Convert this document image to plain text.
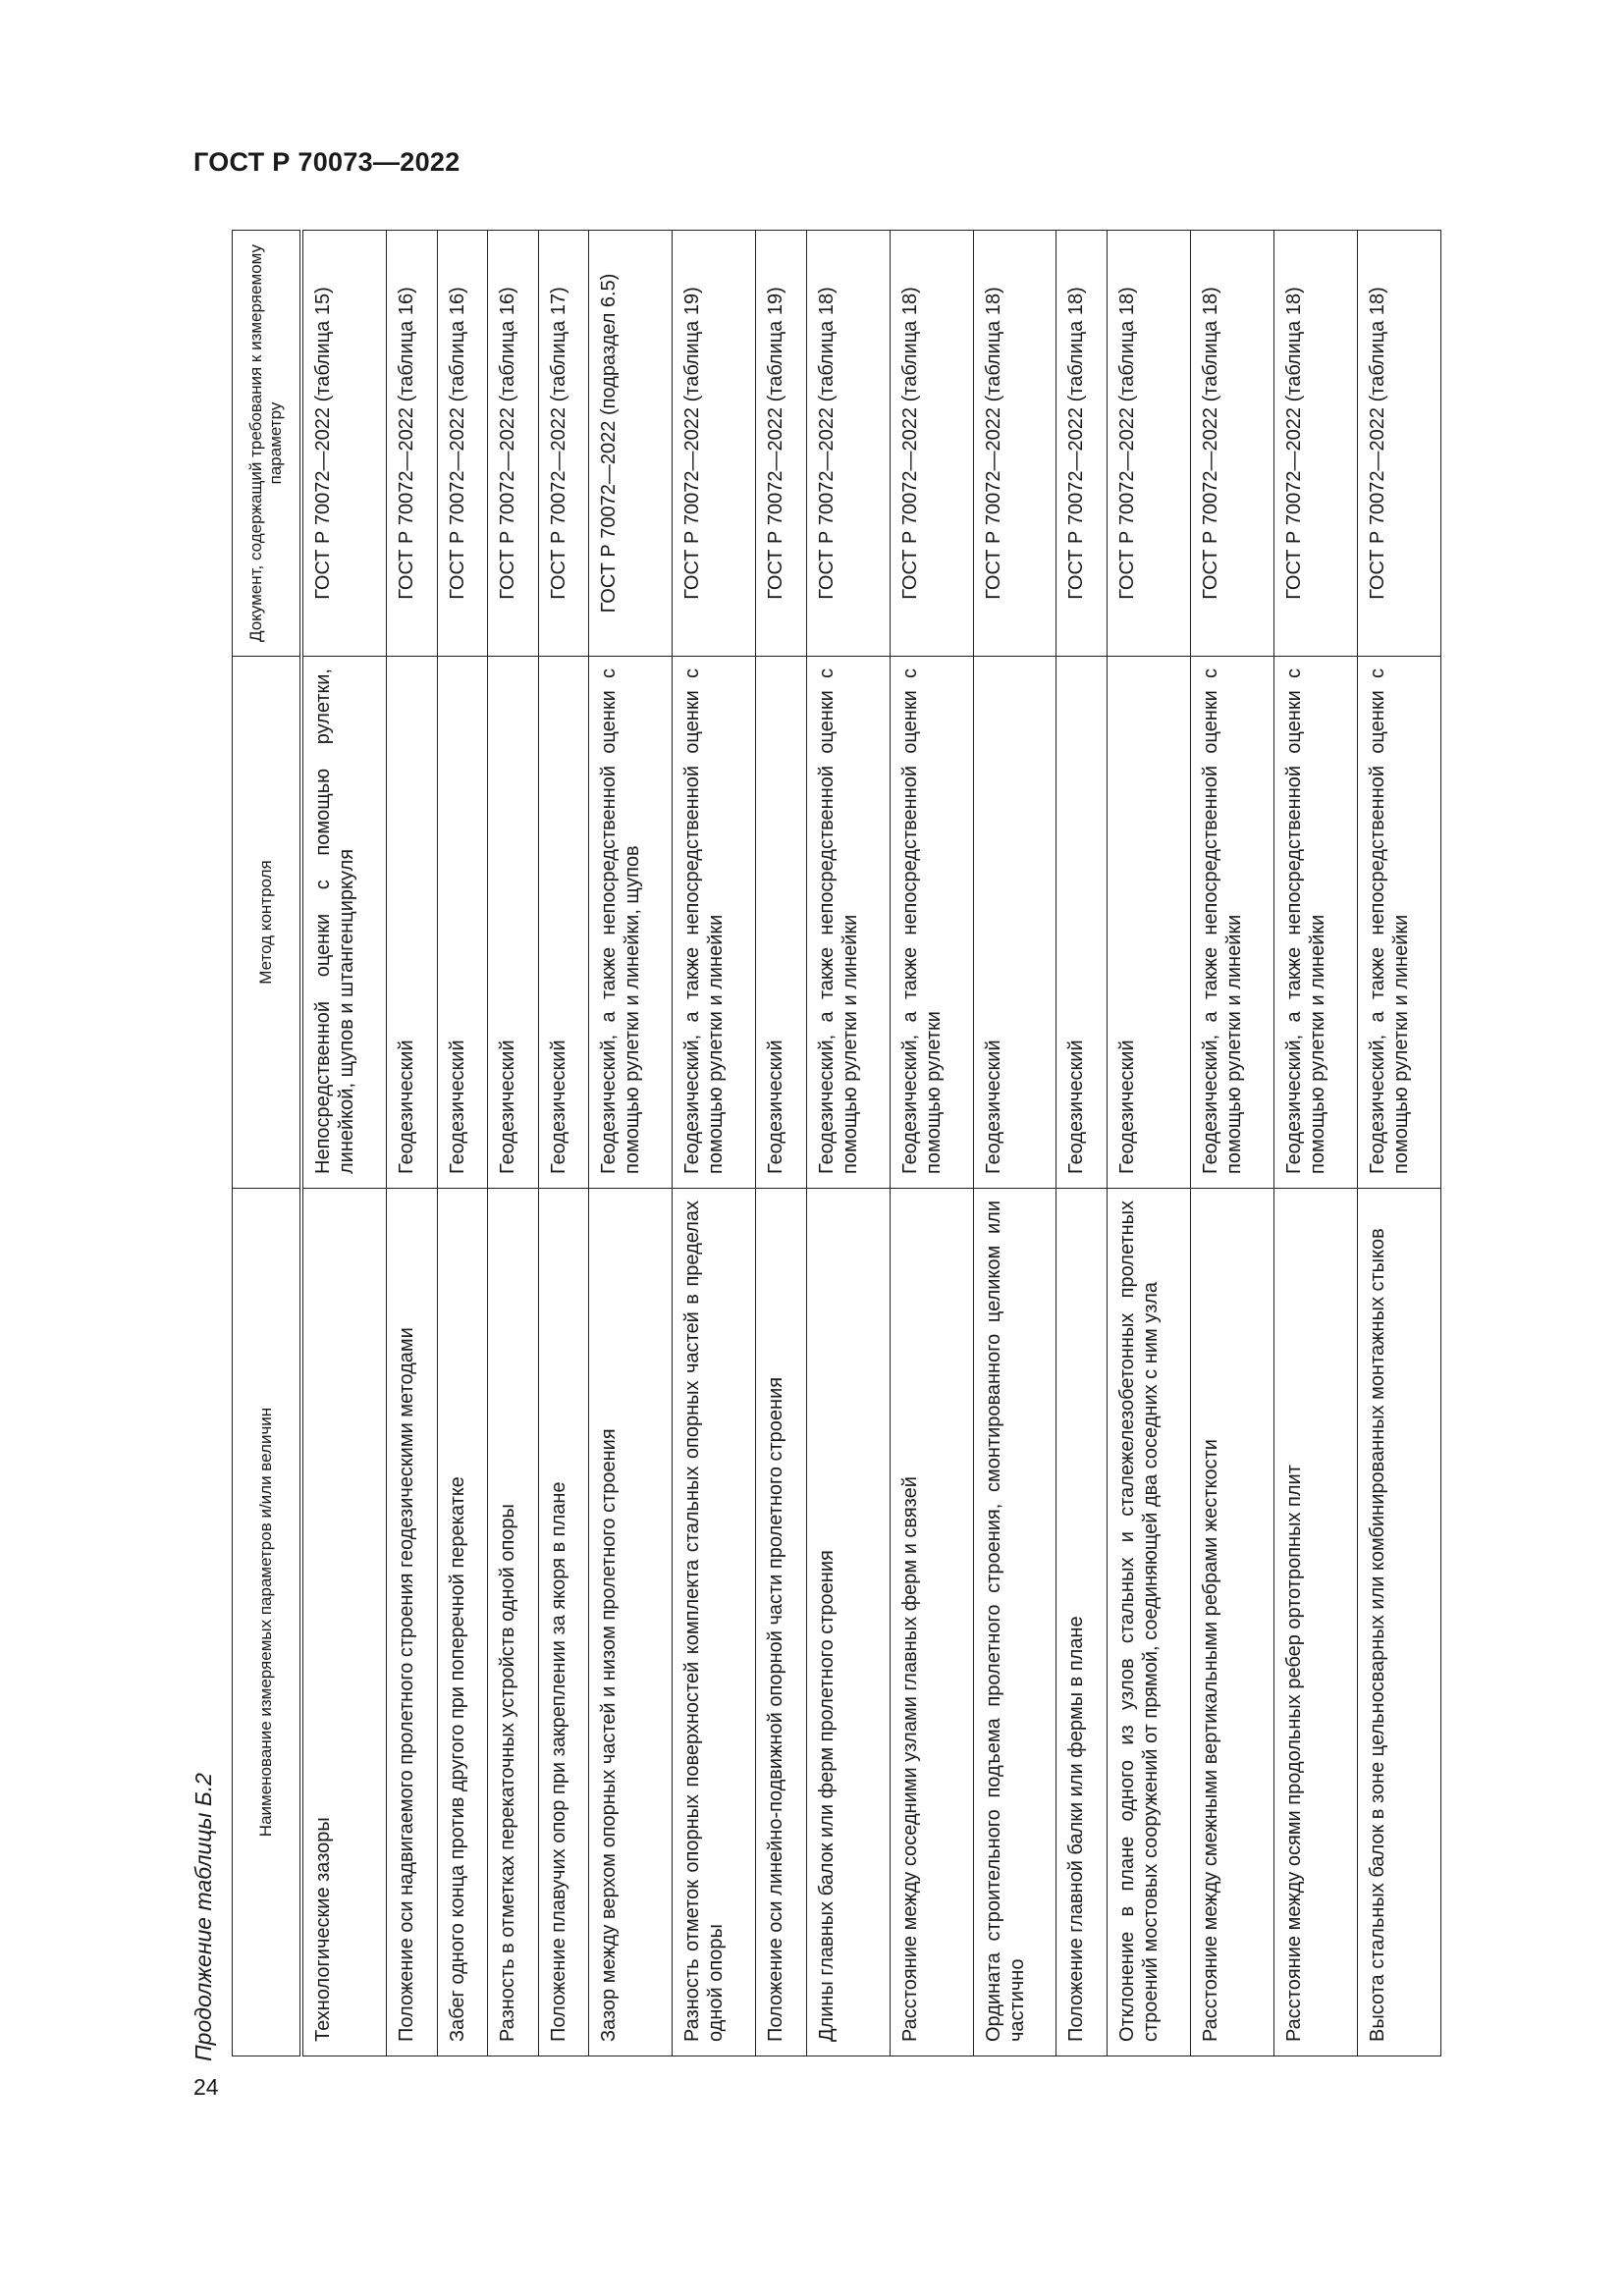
ГОСТ Р 70073—2022
Продолжение таблицы Б.2
Наименование измеряемых параметров и/или величин	Метод контроля	Документ, содержащий требования к измеряемому параметру
Технологические зазоры	Непосредственной оценки с помощью рулетки, линейкой, щупов и штангенциркуля	ГОСТ Р 70072—2022 (таблица 15)
Положение оси надвигаемого пролетного строения геодезическими методами	Геодезический	ГОСТ Р 70072—2022 (таблица 16)
Забег одного конца против другого при поперечной перекатке	Геодезический	ГОСТ Р 70072—2022 (таблица 16)
Разность в отметках перекаточных устройств одной опоры	Геодезический	ГОСТ Р 70072—2022 (таблица 16)
Положение плавучих опор при закреплении за якоря в плане	Геодезический	ГОСТ Р 70072—2022 (таблица 17)
Зазор между верхом опорных частей и низом пролетного строения	Геодезический, а также непосредственной оценки с помощью рулетки и линейки, щупов	ГОСТ Р 70072—2022 (подраздел 6.5)
Разность отметок опорных поверхностей комплекта стальных опорных частей в пределах одной опоры	Геодезический, а также непосредственной оценки с помощью рулетки и линейки	ГОСТ Р 70072—2022 (таблица 19)
Положение оси линейно-подвижной опорной части пролетного строения	Геодезический	ГОСТ Р 70072—2022 (таблица 19)
Длины главных балок или ферм пролетного строения	Геодезический, а также непосредственной оценки с помощью рулетки и линейки	ГОСТ Р 70072—2022 (таблица 18)
Расстояние между соседними узлами главных ферм и связей	Геодезический, а также непосредственной оценки с помощью рулетки	ГОСТ Р 70072—2022 (таблица 18)
Ордината строительного подъема пролетного строения, смонтированного целиком или частично	Геодезический	ГОСТ Р 70072—2022 (таблица 18)
Положение главной балки или фермы в плане	Геодезический	ГОСТ Р 70072—2022 (таблица 18)
Отклонение в плане одного из узлов стальных и сталежелезобетонных пролетных строений мостовых сооружений от прямой, соединяющей два соседних с ним узла	Геодезический	ГОСТ Р 70072—2022 (таблица 18)
Расстояние между смежными вертикальными ребрами жесткости	Геодезический, а также непосредственной оценки с помощью рулетки и линейки	ГОСТ Р 70072—2022 (таблица 18)
Расстояние между осями продольных ребер ортотропных плит	Геодезический, а также непосредственной оценки с помощью рулетки и линейки	ГОСТ Р 70072—2022 (таблица 18)
Высота стальных балок в зоне цельносварных или комбинированных монтажных стыков	Геодезический, а также непосредственной оценки с помощью рулетки и линейки	ГОСТ Р 70072—2022 (таблица 18)
24
